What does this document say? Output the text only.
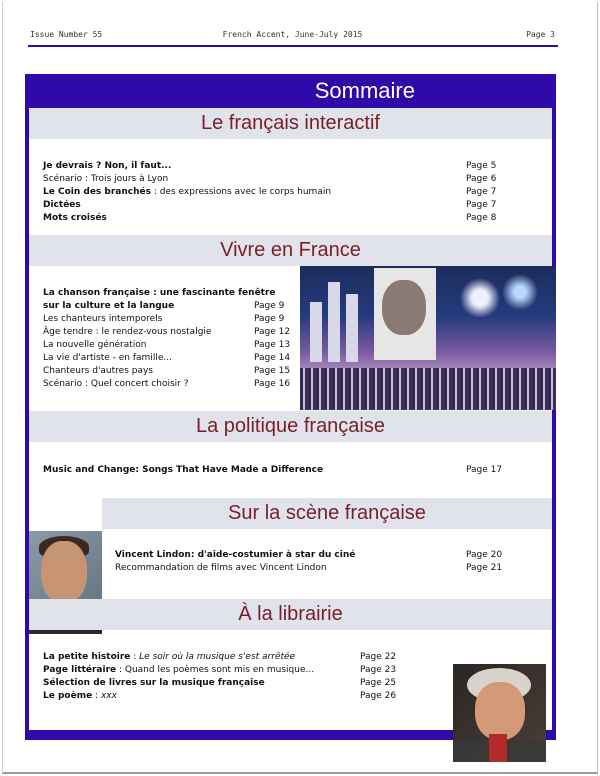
Issue Number 55	French Accent, June-July 2015	Page 3
Sommaire
Le français interactif
Je devrais ? Non, il faut...	Page 5
Scénario : Trois jours à Lyon	Page 6
Le Coin des branchés : des expressions avec le corps humain	Page 7
Dictées	Page 7
Mots croisés	Page 8
Vivre en France
La chanson française : une fascinante fenêtre
sur la culture et la langue	Page 9
Les chanteurs intemporels	Page 9
Âge tendre : le rendez-vous nostalgie	Page 12
La nouvelle génération	Page 13
La vie d'artiste - en famille...	Page 14
Chanteurs d'autres pays	Page 15
Scénario : Quel concert choisir ?	Page 16
La politique française
Music and Change: Songs That Have Made a Difference	Page 17
Sur la scène française
Vincent Lindon: d'aide-costumier à star du ciné	Page 20
Recommandation de films avec Vincent Lindon	Page 21
À la librairie
La petite histoire : Le soir où la musique s'est arrêtée	Page 22
Page littéraire : Quand les poèmes sont mis en musique...	Page 23
Sélection de livres sur la musique française	Page 25
Le poème : xxx	Page 26
